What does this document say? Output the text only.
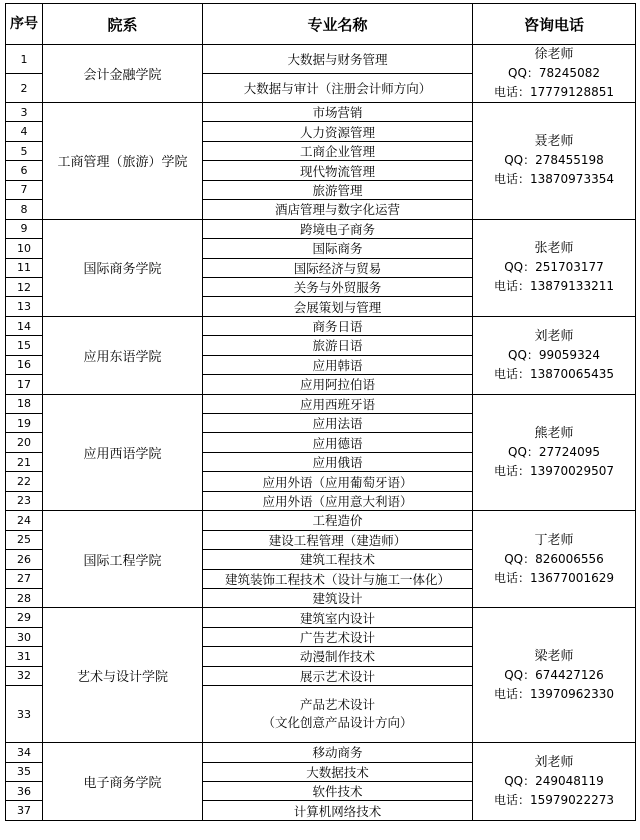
序号	院系	专业名称	咨询电话
1	会计金融学院	大数据与财务管理	徐老师
QQ：78245082
电话：17779128851

2		大数据与审计（注册会计师方向）	
3	工商管理（旅游）学院	市场营销	聂老师
QQ：278455198
电话：13870973354

4		人力资源管理	
5		工商企业管理	
6		现代物流管理	
7		旅游管理	
8		酒店管理与数字化运营	
9	国际商务学院	跨境电子商务	张老师
QQ：251703177
电话：13879133211

10		国际商务	
11		国际经济与贸易	
12		关务与外贸服务	
13		会展策划与管理	
14	应用东语学院	商务日语	刘老师
QQ：99059324
电话：13870065435

15		旅游日语	
16		应用韩语	
17		应用阿拉伯语	
18	应用西语学院	应用西班牙语	熊老师
QQ：27724095
电话：13970029507

19		应用法语	
20		应用德语	
21		应用俄语	
22		应用外语（应用葡萄牙语）	
23		应用外语（应用意大利语）	
24	国际工程学院	工程造价	丁老师
QQ：826006556
电话：13677001629

25		建设工程管理（建造师）	
26		建筑工程技术	
27		建筑装饰工程技术（设计与施工一体化）	
28		建筑设计	
29	艺术与设计学院	建筑室内设计	梁老师
QQ：674427126
电话：13970962330

30		广告艺术设计	
31		动漫制作技术	
32		展示艺术设计	
33		产品艺术设计
（文化创意产品设计方向）	

34	电子商务学院	移动商务	刘老师
QQ：249048119
电话：15979022273

35		大数据技术	
36		软件技术	
37		计算机网络技术	
